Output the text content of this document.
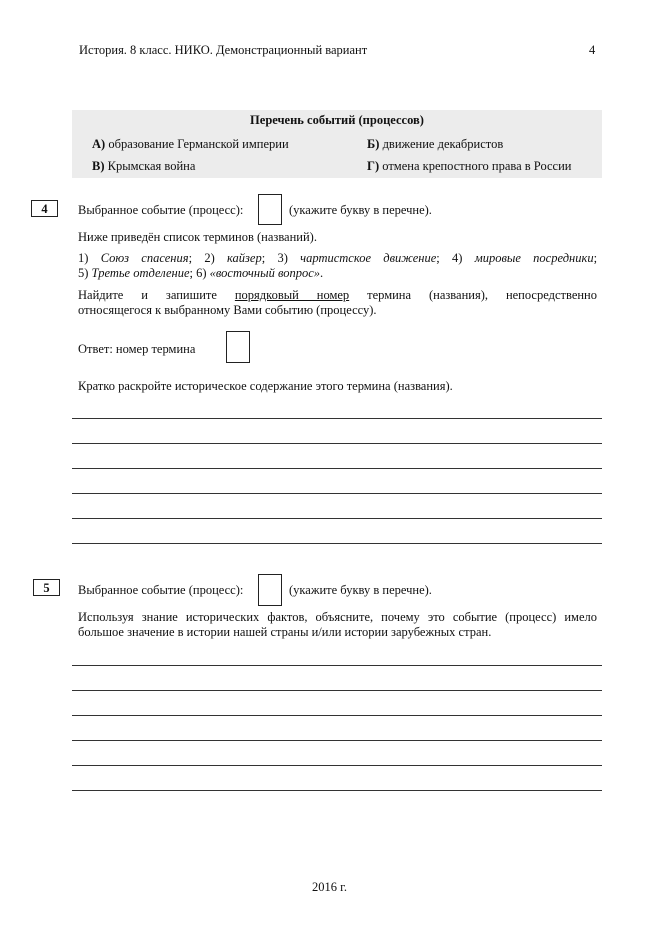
История. 8 класс. НИКО. Демонстрационный вариант	4
Перечень событий (процессов)
А) образование Германской империи	Б) движение декабристов
В) Крымская война	Г) отмена крепостного права в России
4	Выбранное событие (процесс):	(укажите букву в перечне).
Ниже приведён список терминов (названий).
1) Союз спасения; 2) кайзер; 3) чартистское движение; 4) мировые посредники;
5) Третье отделение; 6) «восточный вопрос».
Найдите и запишите порядковый номер термина (названия), непосредственно
относящегося к выбранному Вами событию (процессу).
Ответ: номер термина
Кратко раскройте историческое содержание этого термина (названия).
5	Выбранное событие (процесс):	(укажите букву в перечне).
Используя знание исторических фактов, объясните, почему это событие (процесс) имело
большое значение в истории нашей страны и/или истории зарубежных стран.
2016 г.
